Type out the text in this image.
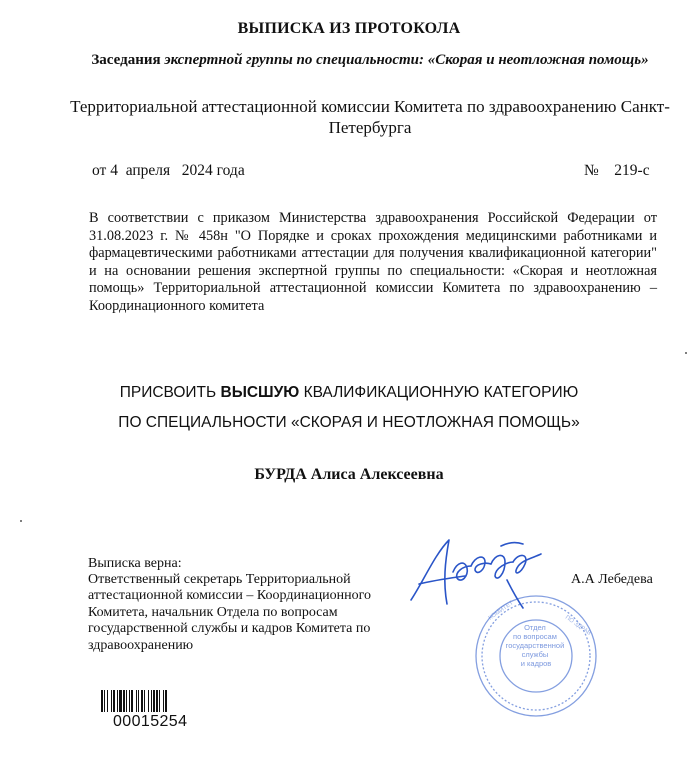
ВЫПИСКА ИЗ ПРОТОКОЛА
Заседания экспертной группы по специальности: «Скорая и неотложная помощь»
Территориальной аттестационной комиссии Комитета по здравоохранению Санкт-Петербурга
от 4  апреля   2024 года	№    219-с
В соответствии с приказом Министерства здравоохранения Российской Федерации от 31.08.2023 г. № 458н "О Порядке и сроках прохождения медицинскими работниками и фармацевтическими работниками аттестации для получения квалификационной категории" и на основании решения экспертной группы по специальности: «Скорая и неотложная помощь» Территориальной аттестационной комиссии Комитета по здравоохранению – Координационного комитета
ПРИСВОИТЬ ВЫСШУЮ КВАЛИФИКАЦИОННУЮ КАТЕГОРИЮ
ПО СПЕЦИАЛЬНОСТИ «СКОРАЯ И НЕОТЛОЖНАЯ ПОМОЩЬ»
БУРДА Алиса Алексеевна
Выписка верна:
Ответственный секретарь Территориальной аттестационной комиссии – Координационного Комитета, начальник Отдела по вопросам государственной службы и кадров Комитета по здравоохранению
КОМИТЕТ
ПО ЗДРАВ
Отдел по вопросам государственной службы и кадров
А.А Лебедева
00015254
